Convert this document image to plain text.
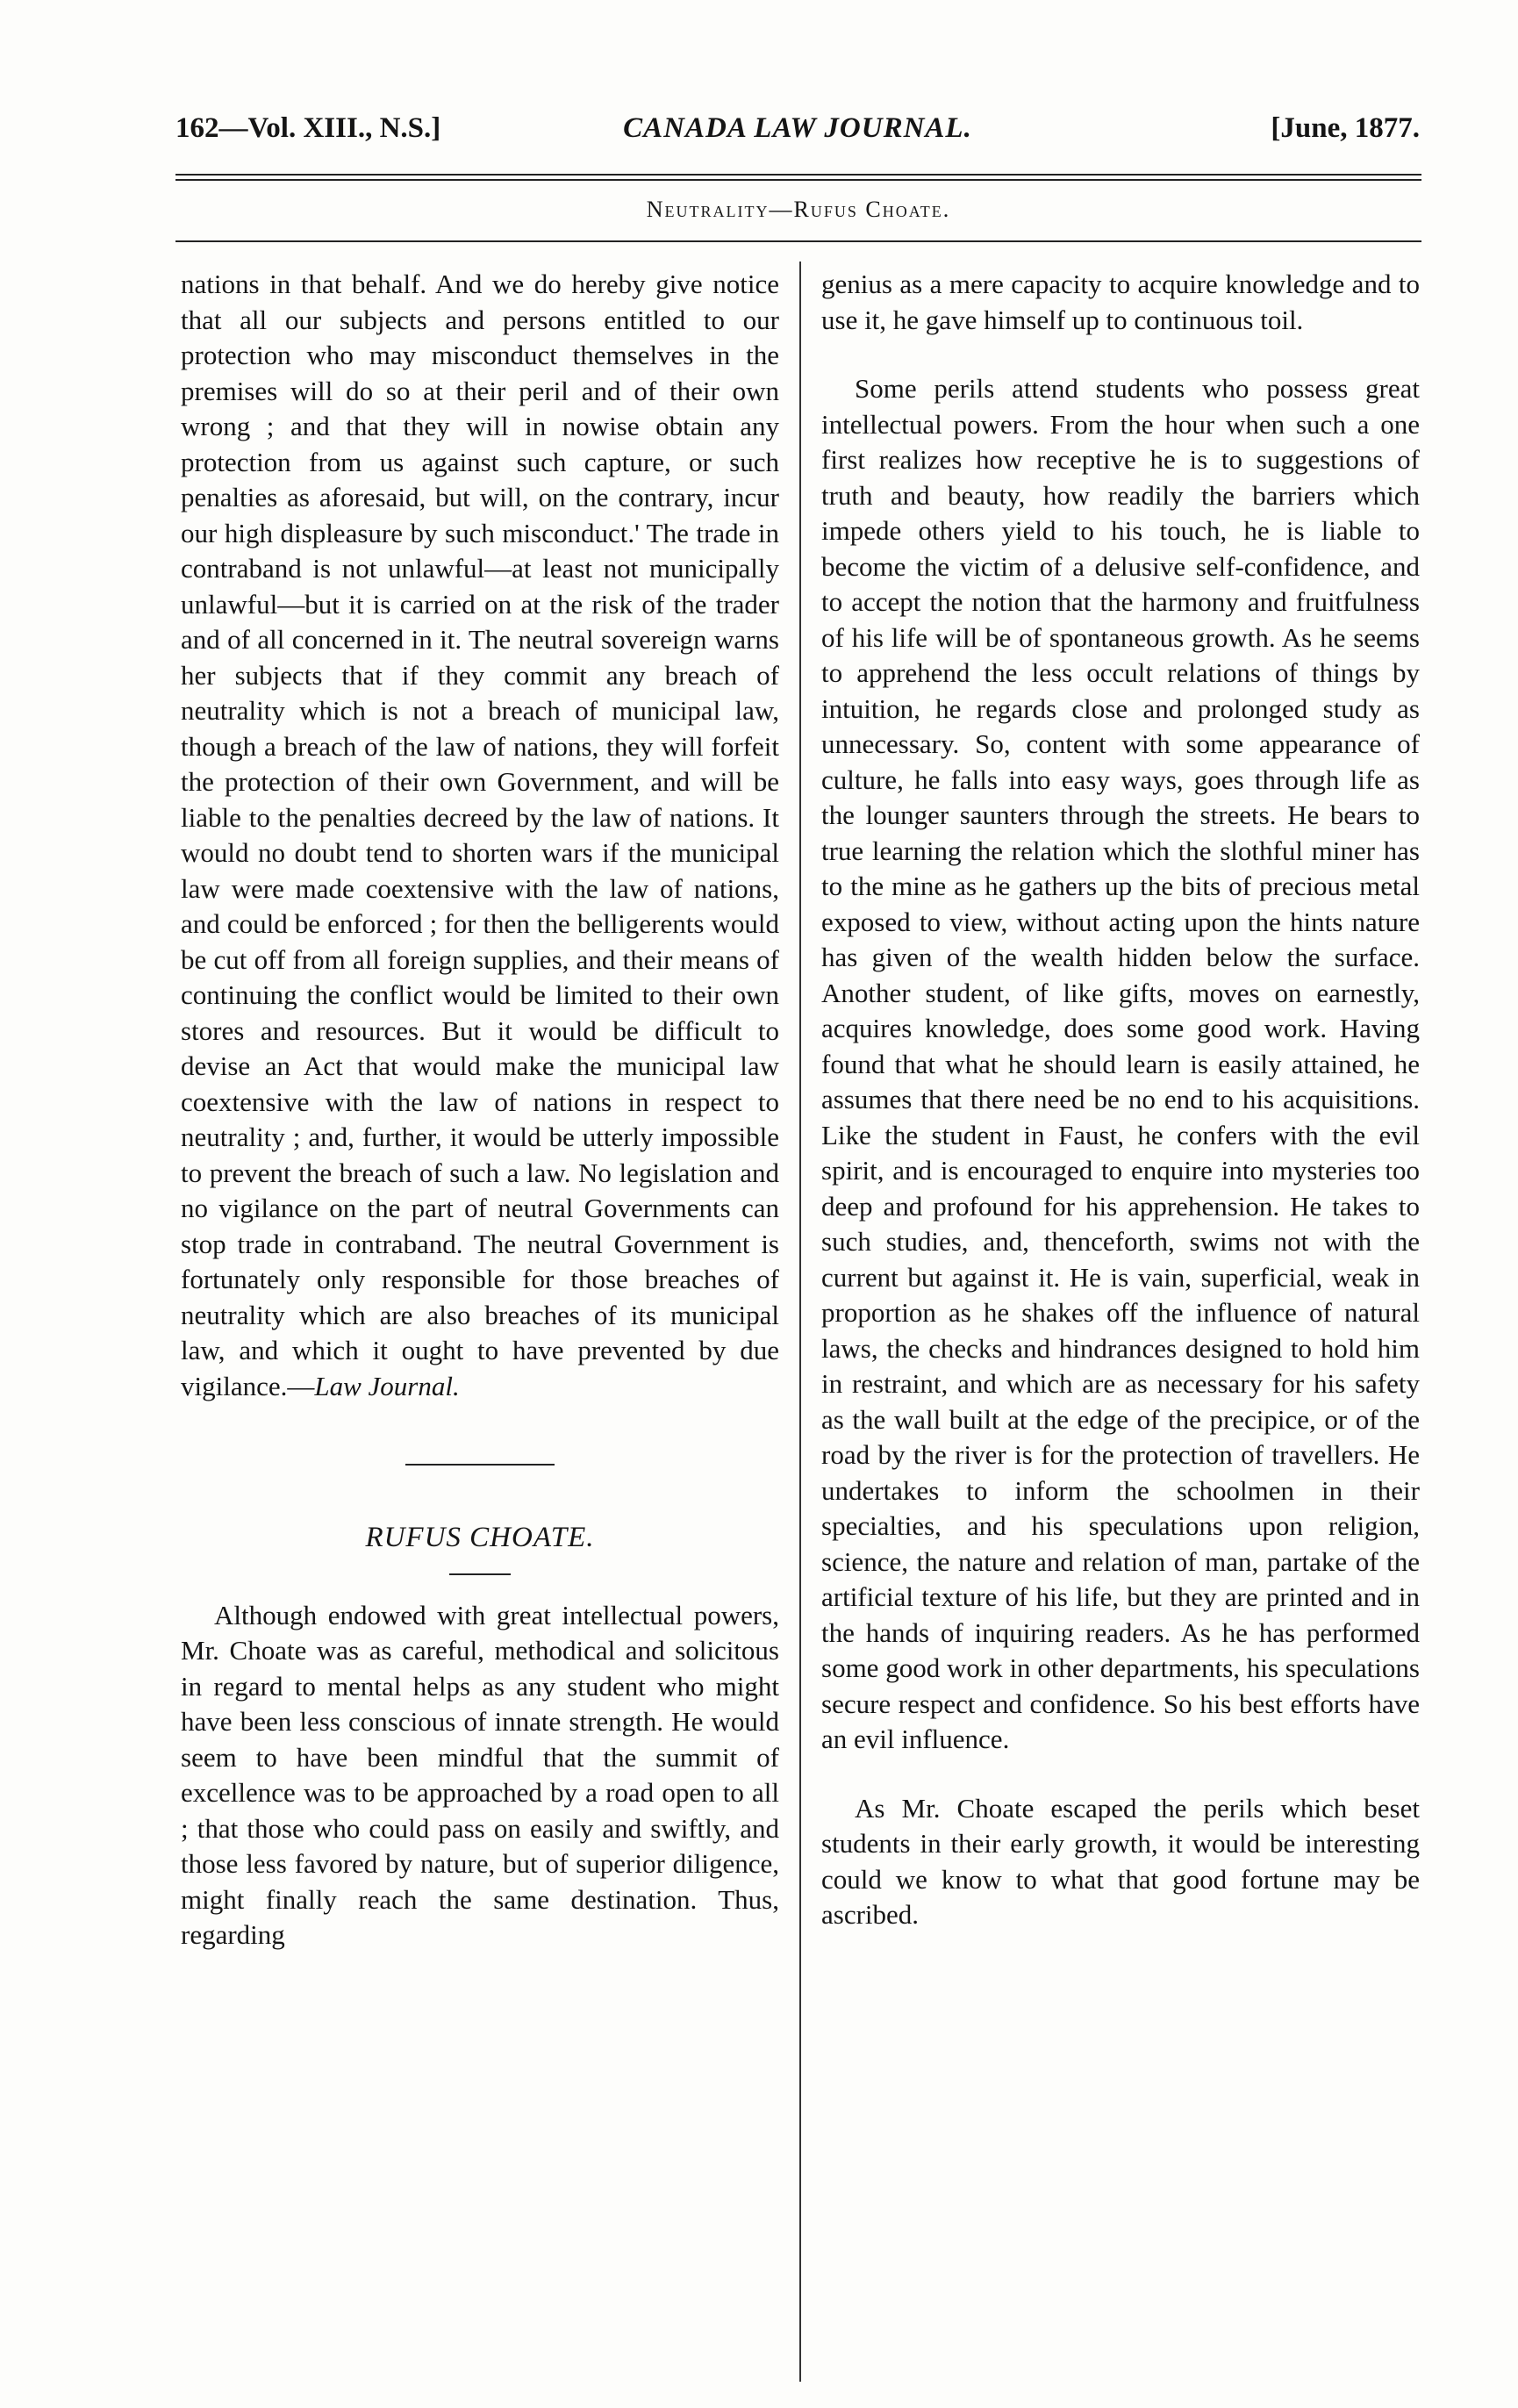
162—Vol. XIII., N.S.]	CANADA LAW JOURNAL.	[June, 1877.
Neutrality—Rufus Choate.

nations in that behalf. And we do hereby give notice that all our subjects and persons entitled to our protection who may misconduct themselves in the premises will do so at their peril and of their own wrong ; and that they will in nowise obtain any protection from us against such capture, or such penalties as aforesaid, but will, on the contrary, incur our high displeasure by such misconduct.' The trade in contraband is not unlawful—at least not municipally unlawful—but it is carried on at the risk of the trader and of all concerned in it. The neutral sovereign warns her subjects that if they commit any breach of neutrality which is not a breach of municipal law, though a breach of the law of nations, they will forfeit the protection of their own Government, and will be liable to the penalties decreed by the law of nations. It would no doubt tend to shorten wars if the municipal law were made coextensive with the law of nations, and could be enforced ; for then the belligerents would be cut off from all foreign supplies, and their means of continuing the conflict would be limited to their own stores and resources. But it would be difficult to devise an Act that would make the municipal law coextensive with the law of nations in respect to neutrality ; and, further, it would be utterly impossible to prevent the breach of such a law. No legislation and no vigilance on the part of neutral Governments can stop trade in contraband. The neutral Government is fortunately only responsible for those breaches of neutrality which are also breaches of its municipal law, and which it ought to have prevented by due vigilance.—Law Journal.

RUFUS CHOATE.

Although endowed with great intellectual powers, Mr. Choate was as careful, methodical and solicitous in regard to mental helps as any student who might have been less conscious of innate strength. He would seem to have been mindful that the summit of excellence was to be approached by a road open to all ; that those who could pass on easily and swiftly, and those less favored by nature, but of superior diligence, might finally reach the same destination. Thus, regarding

genius as a mere capacity to acquire knowledge and to use it, he gave himself up to continuous toil.

Some perils attend students who possess great intellectual powers. From the hour when such a one first realizes how receptive he is to suggestions of truth and beauty, how readily the barriers which impede others yield to his touch, he is liable to become the victim of a delusive self-confidence, and to accept the notion that the harmony and fruitfulness of his life will be of spontaneous growth. As he seems to apprehend the less occult relations of things by intuition, he regards close and prolonged study as unnecessary. So, content with some appearance of culture, he falls into easy ways, goes through life as the lounger saunters through the streets. He bears to true learning the relation which the slothful miner has to the mine as he gathers up the bits of precious metal exposed to view, without acting upon the hints nature has given of the wealth hidden below the surface. Another student, of like gifts, moves on earnestly, acquires knowledge, does some good work. Having found that what he should learn is easily attained, he assumes that there need be no end to his acquisitions. Like the student in Faust, he confers with the evil spirit, and is encouraged to enquire into mysteries too deep and profound for his apprehension. He takes to such studies, and, thenceforth, swims not with the current but against it. He is vain, superficial, weak in proportion as he shakes off the influence of natural laws, the checks and hindrances designed to hold him in restraint, and which are as necessary for his safety as the wall built at the edge of the precipice, or of the road by the river is for the protection of travellers. He undertakes to inform the schoolmen in their specialties, and his speculations upon religion, science, the nature and relation of man, partake of the artificial texture of his life, but they are printed and in the hands of inquiring readers. As he has performed some good work in other departments, his speculations secure respect and confidence. So his best efforts have an evil influence.

As Mr. Choate escaped the perils which beset students in their early growth, it would be interesting could we know to what that good fortune may be ascribed.
